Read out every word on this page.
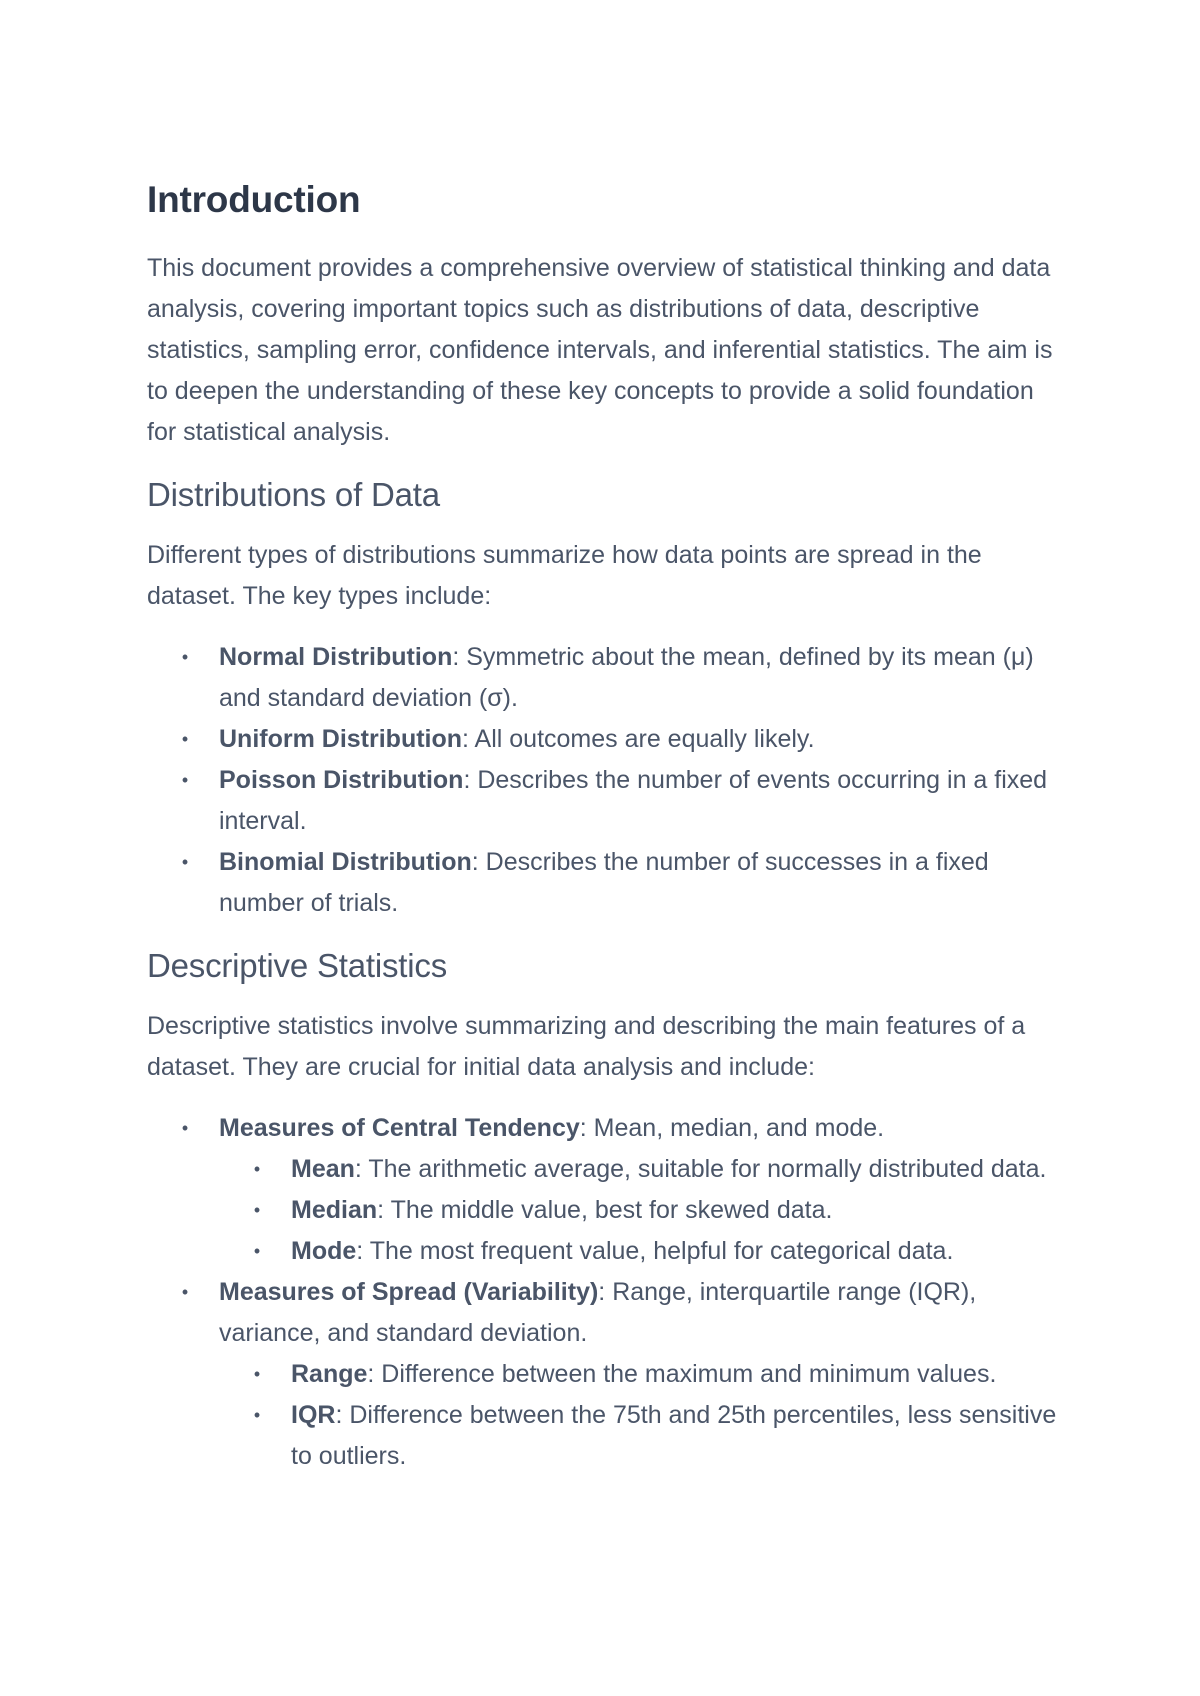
Introduction

This document provides a comprehensive overview of statistical thinking and data analysis, covering important topics such as distributions of data, descriptive statistics, sampling error, confidence intervals, and inferential statistics. The aim is to deepen the understanding of these key concepts to provide a solid foundation for statistical analysis.

Distributions of Data

Different types of distributions summarize how data points are spread in the dataset. The key types include:

• Normal Distribution: Symmetric about the mean, defined by its mean (μ) and standard deviation (σ).
• Uniform Distribution: All outcomes are equally likely.
• Poisson Distribution: Describes the number of events occurring in a fixed interval.
• Binomial Distribution: Describes the number of successes in a fixed number of trials.
Descriptive Statistics

Descriptive statistics involve summarizing and describing the main features of a dataset. They are crucial for initial data analysis and include:

• Measures of Central Tendency: Mean, median, and mode.
• Mean: The arithmetic average, suitable for normally distributed data.
• Median: The middle value, best for skewed data.
• Mode: The most frequent value, helpful for categorical data.
• Measures of Spread (Variability): Range, interquartile range (IQR), variance, and standard deviation.
• Range: Difference between the maximum and minimum values.
• IQR: Difference between the 75th and 25th percentiles, less sensitive to outliers.
